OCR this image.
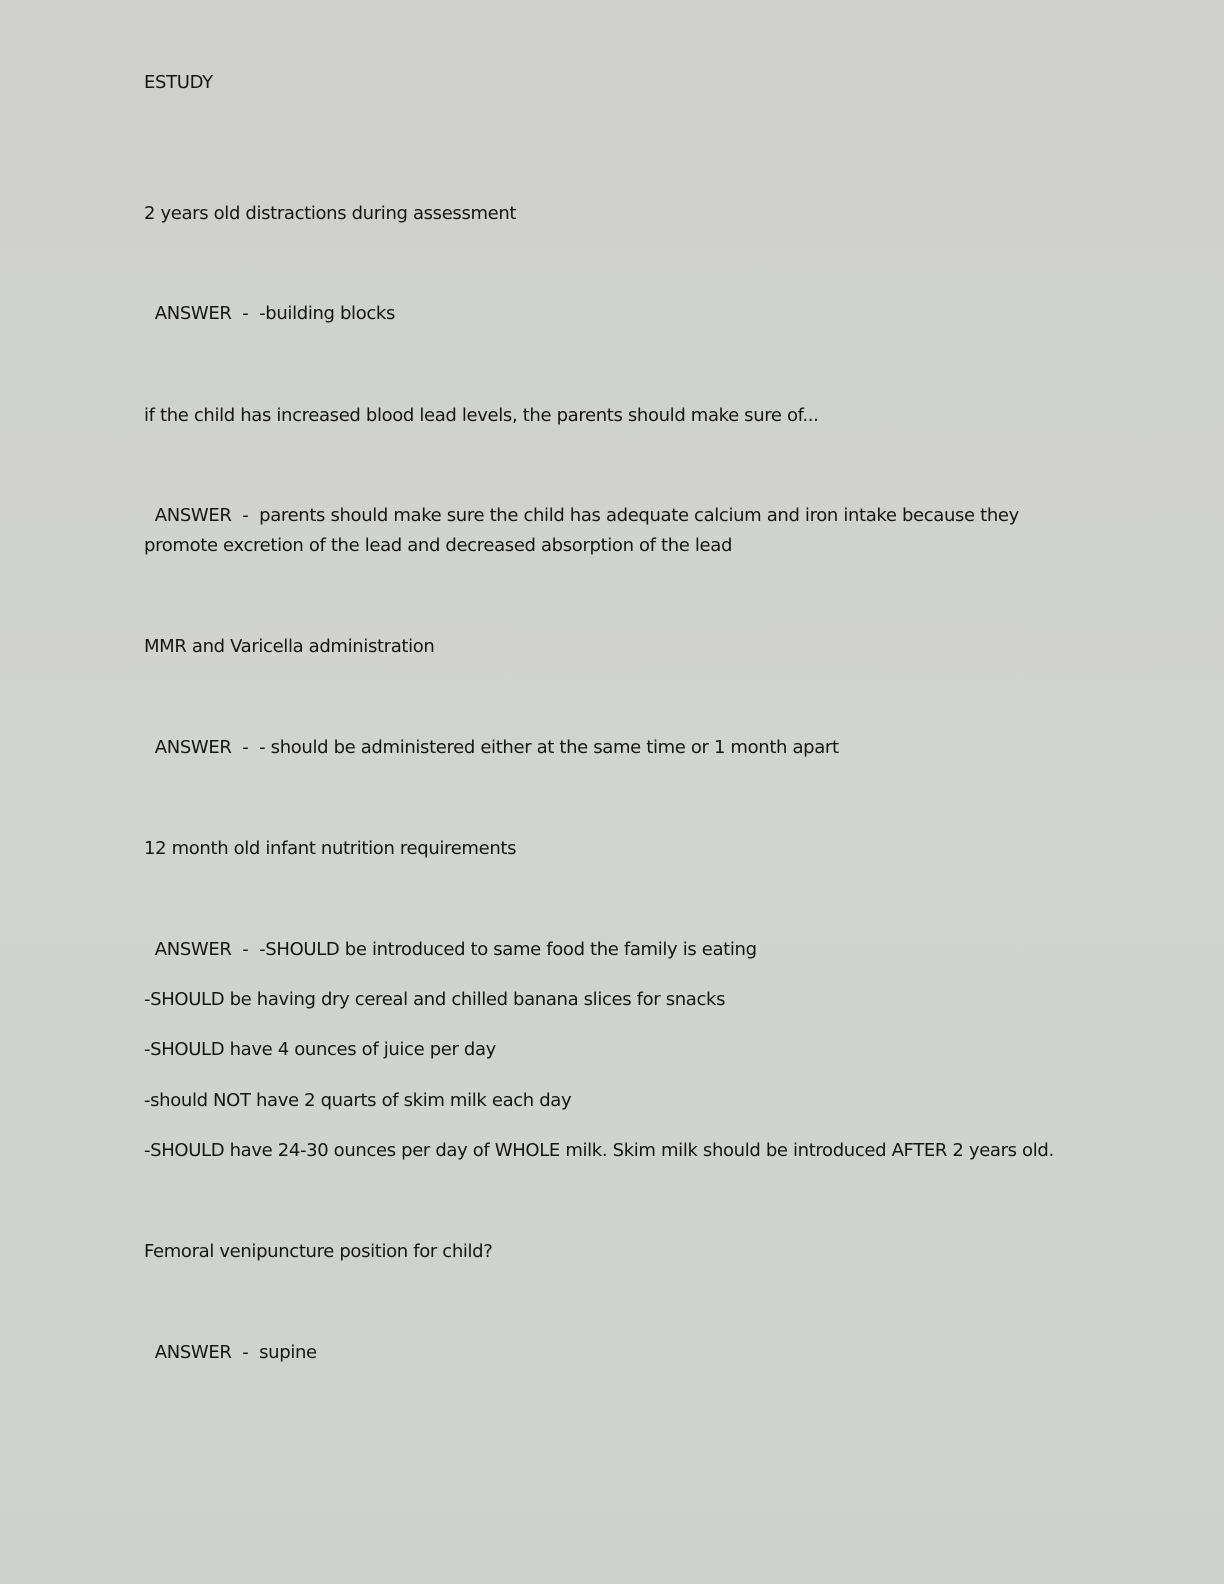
ESTUDY
2 years old distractions during assessment
ANSWER  -  -building blocks
if the child has increased blood lead levels, the parents should make sure of...
ANSWER  -  parents should make sure the child has adequate calcium and iron intake because they
promote excretion of the lead and decreased absorption of the lead
MMR and Varicella administration
ANSWER  -  - should be administered either at the same time or 1 month apart
12 month old infant nutrition requirements
ANSWER  -  -SHOULD be introduced to same food the family is eating
-SHOULD be having dry cereal and chilled banana slices for snacks
-SHOULD have 4 ounces of juice per day
-should NOT have 2 quarts of skim milk each day
-SHOULD have 24-30 ounces per day of WHOLE milk. Skim milk should be introduced AFTER 2 years old.
Femoral venipuncture position for child?
ANSWER  -  supine
